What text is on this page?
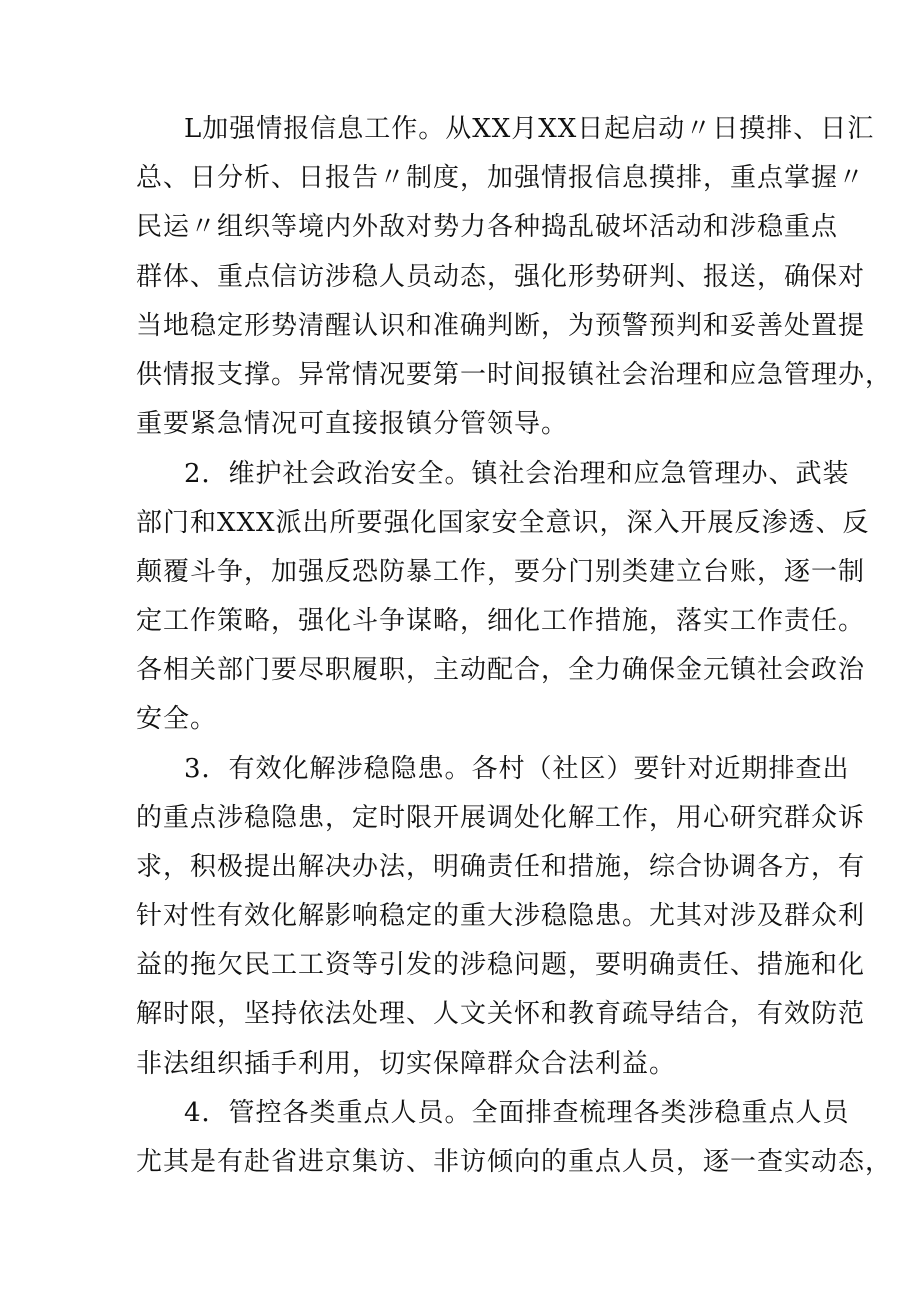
L加强情报信息工作。从XX月XX日起启动〃日摸排、日汇
总、日分析、日报告〃制度，加强情报信息摸排，重点掌握〃
民运〃组织等境内外敌对势力各种捣乱破坏活动和涉稳重点
群体、重点信访涉稳人员动态，强化形势研判、报送，确保对
当地稳定形势清醒认识和准确判断，为预警预判和妥善处置提
供情报支撑。异常情况要第一时间报镇社会治理和应急管理办，
重要紧急情况可直接报镇分管领导。
2．维护社会政治安全。镇社会治理和应急管理办、武装
部门和XXX派出所要强化国家安全意识，深入开展反渗透、反
颠覆斗争，加强反恐防暴工作，要分门别类建立台账，逐一制
定工作策略，强化斗争谋略，细化工作措施，落实工作责任。
各相关部门要尽职履职，主动配合，全力确保金元镇社会政治
安全。
3．有效化解涉稳隐患。各村（社区）要针对近期排查出
的重点涉稳隐患，定时限开展调处化解工作，用心研究群众诉
求，积极提出解决办法，明确责任和措施，综合协调各方，有
针对性有效化解影响稳定的重大涉稳隐患。尤其对涉及群众利
益的拖欠民工工资等引发的涉稳问题，要明确责任、措施和化
解时限，坚持依法处理、人文关怀和教育疏导结合，有效防范
非法组织插手利用，切实保障群众合法利益。
4．管控各类重点人员。全面排查梳理各类涉稳重点人员
尤其是有赴省进京集访、非访倾向的重点人员，逐一查实动态，
